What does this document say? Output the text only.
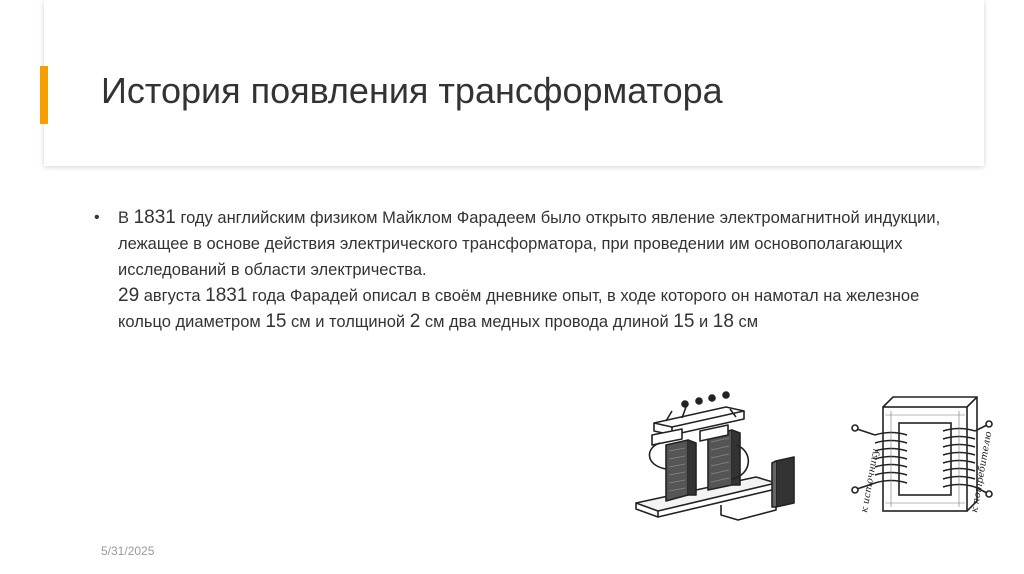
История появления трансформатора
•	В 1831 году английским физиком Майклом Фарадеем было открыто явление электромагнитной индукции, лежащее в основе действия электрического трансформатора, при проведении им основополагающих исследований в области электричества.
29 августа 1831 года Фарадей описал в своём дневнике опыт, в ходе которого он намотал на железное кольцо диаметром 15 см и толщиной 2 см два медных провода длиной 15 и 18 см
к источнику	к потребителю
5/31/2025
